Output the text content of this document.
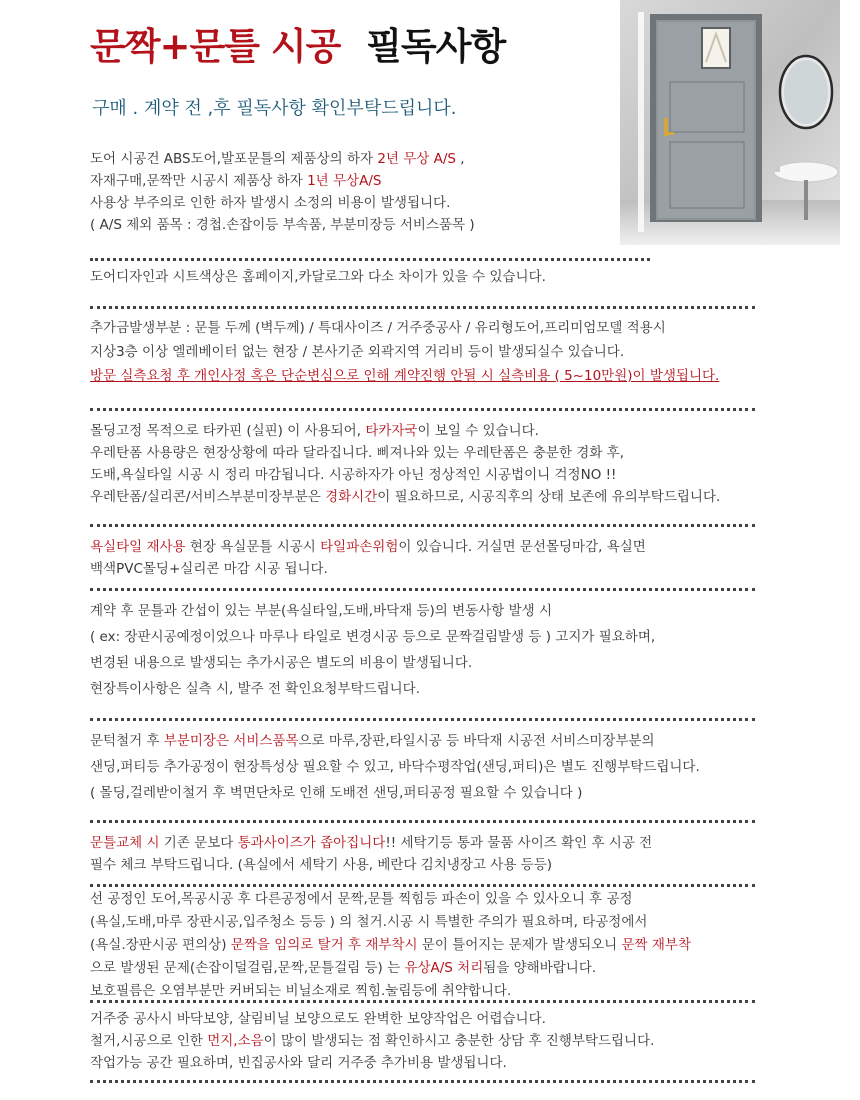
문짝+문틀 시공 필독사항
구매 . 계약 전 ,후 필독사항 확인부탁드립니다.
도어 시공건 ABS도어,발포문틀의 제품상의 하자 2년 무상 A/S ,
자재구매,문짝만 시공시 제품상 하자 1년 무상A/S
사용상 부주의로 인한 하자 발생시 소정의 비용이 발생됩니다.
( A/S 제외 품목 : 경첩.손잡이등 부속품, 부분미장등 서비스품목 )
도어디자인과 시트색상은 홈페이지,카달로그와 다소 차이가 있을 수 있습니다.
추가금발생부분 : 문틀 두께 (벽두께) / 특대사이즈 / 거주중공사 / 유리형도어,프리미엄모델 적용시
지상3층 이상 엘레베이터 없는 현장 / 본사기준 외곽지역 거리비 등이 발생되실수 있습니다.
방문 실측요청 후 개인사정 혹은 단순변심으로 인해 계약진행 안될 시 실측비용 ( 5~10만원)이 발생됩니다.
몰딩고정 목적으로 타카핀 (실핀) 이 사용되어, 타카자국이 보일 수 있습니다.
우레탄폼 사용량은 현장상황에 따라 달라집니다. 삐져나와 있는 우레탄폼은 충분한 경화 후,
도배,욕실타일 시공 시 정리 마감됩니다. 시공하자가 아닌 정상적인 시공법이니 걱정NO !!
우레탄폼/실리콘/서비스부분미장부분은 경화시간이 필요하므로, 시공직후의 상태 보존에 유의부탁드립니다.
욕실타일 재사용 현장 욕실문틀 시공시 타일파손위험이 있습니다. 거실면 문선몰딩마감, 욕실면
백색PVC몰딩+실리콘 마감 시공 됩니다.
계약 후 문틀과 간섭이 있는 부분(욕실타일,도배,바닥재 등)의 변동사항 발생 시
( ex: 장판시공예정이었으나 마루나 타일로 변경시공 등으로 문짝걸림발생 등 ) 고지가 필요하며,
변경된 내용으로 발생되는 추가시공은 별도의 비용이 발생됩니다.
현장특이사항은 실측 시, 발주 전 확인요청부탁드립니다.
문턱철거 후 부분미장은 서비스품목으로 마루,장판,타일시공 등 바닥재 시공전 서비스미장부분의
샌딩,퍼티등 추가공정이 현장특성상 필요할 수 있고, 바닥수평작업(샌딩,퍼티)은 별도 진행부탁드립니다.
( 몰딩,걸레받이철거 후 벽면단차로 인해 도배전 샌딩,퍼티공정 필요할 수 있습니다 )
문틀교체 시 기존 문보다 통과사이즈가 좁아집니다!! 세탁기등 통과 물품 사이즈 확인 후 시공 전
필수 체크 부탁드립니다. (욕실에서 세탁기 사용, 베란다 김치냉장고 사용 등등)
선 공정인 도어,목공시공 후 다른공정에서 문짝,문틀 찍힘등 파손이 있을 수 있사오니 후 공정
(욕실,도배,마루 장판시공,입주청소 등등 ) 의 철거.시공 시 특별한 주의가 필요하며, 타공정에서
(욕실.장판시공 편의상) 문짝을 임의로 탈거 후 재부착시 문이 틀어지는 문제가 발생되오니 문짝 재부착
으로 발생된 문제(손잡이덜걸림,문짝,문틀걸림 등) 는 유상A/S 처리됨을 양해바랍니다.
보호필름은 오염부분만 커버되는 비닐소재로 찍힘.눌림등에 취약합니다.
거주중 공사시 바닥보양, 살림비닐 보양으로도 완벽한 보양작업은 어렵습니다.
철거,시공으로 인한 먼지,소음이 많이 발생되는 점 확인하시고 충분한 상담 후 진행부탁드립니다.
작업가능 공간 필요하며, 빈집공사와 달리 거주중 추가비용 발생됩니다.
